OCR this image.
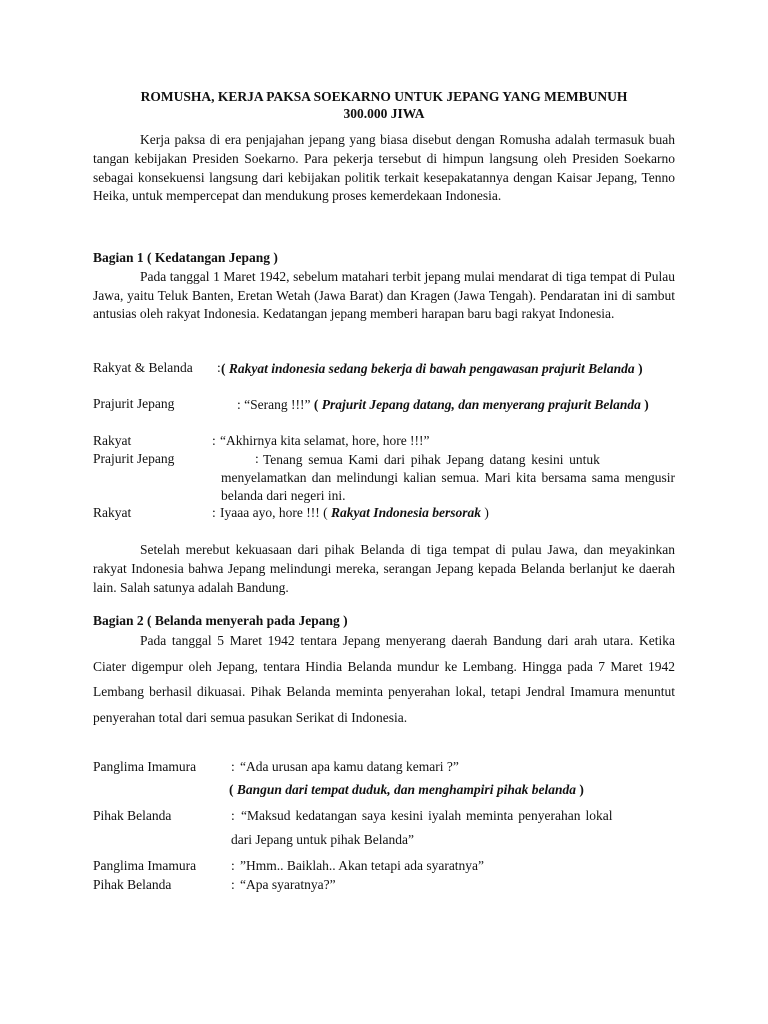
ROMUSHA, KERJA PAKSA SOEKARNO UNTUK JEPANG YANG MEMBUNUH
300.000 JIWA
Kerja paksa di era penjajahan jepang yang biasa disebut dengan Romusha adalah termasuk buah tangan kebijakan Presiden Soekarno. Para pekerja tersebut di himpun langsung oleh Presiden Soekarno sebagai konsekuensi langsung dari kebijakan politik terkait kesepakatannya dengan Kaisar Jepang, Tenno Heika, untuk mempercepat dan mendukung proses kemerdekaan Indonesia.
Bagian 1 ( Kedatangan Jepang )
Pada tanggal 1 Maret 1942, sebelum matahari terbit jepang mulai mendarat di tiga tempat di Pulau Jawa, yaitu Teluk Banten, Eretan Wetah (Jawa Barat) dan Kragen (Jawa Tengah). Pendaratan ini di sambut antusias oleh rakyat Indonesia. Kedatangan jepang memberi harapan baru bagi rakyat Indonesia.
Rakyat & Belanda : ( Rakyat indonesia sedang bekerja di bawah pengawasan prajurit Belanda )
Prajurit Jepang	: “Serang !!!” ( Prajurit Jepang datang, dan menyerang prajurit Belanda )
Rakyat	: “Akhirnya kita selamat, hore, hore !!!”
Prajurit Jepang	: Tenang semua Kami dari pihak Jepang datang kesini untuk
menyelamatkan dan melindungi kalian semua. Mari kita bersama sama mengusir belanda dari negeri ini.
Rakyat	: Iyaaa ayo, hore !!! ( Rakyat Indonesia bersorak )
Setelah merebut kekuasaan dari pihak Belanda di tiga tempat di pulau Jawa, dan meyakinkan rakyat Indonesia bahwa Jepang melindungi mereka, serangan Jepang kepada Belanda berlanjut ke daerah lain. Salah satunya adalah Bandung.
Bagian 2 ( Belanda menyerah pada Jepang )
Pada tanggal 5 Maret 1942 tentara Jepang menyerang daerah Bandung dari arah utara. Ketika Ciater digempur oleh Jepang, tentara Hindia Belanda mundur ke Lembang. Hingga pada 7 Maret 1942 Lembang berhasil dikuasai. Pihak Belanda meminta penyerahan lokal, tetapi Jendral Imamura menuntut penyerahan total dari semua pasukan Serikat di Indonesia.
Panglima Imamura	: “Ada urusan apa kamu datang kemari ?”
( Bangun dari tempat duduk, dan menghampiri pihak belanda )
Pihak Belanda	: “Maksud kedatangan saya kesini iyalah meminta penyerahan lokal
dari Jepang untuk pihak Belanda”
Panglima Imamura	: ”Hmm.. Baiklah.. Akan tetapi ada syaratnya”
Pihak Belanda	: “Apa syaratnya?”
